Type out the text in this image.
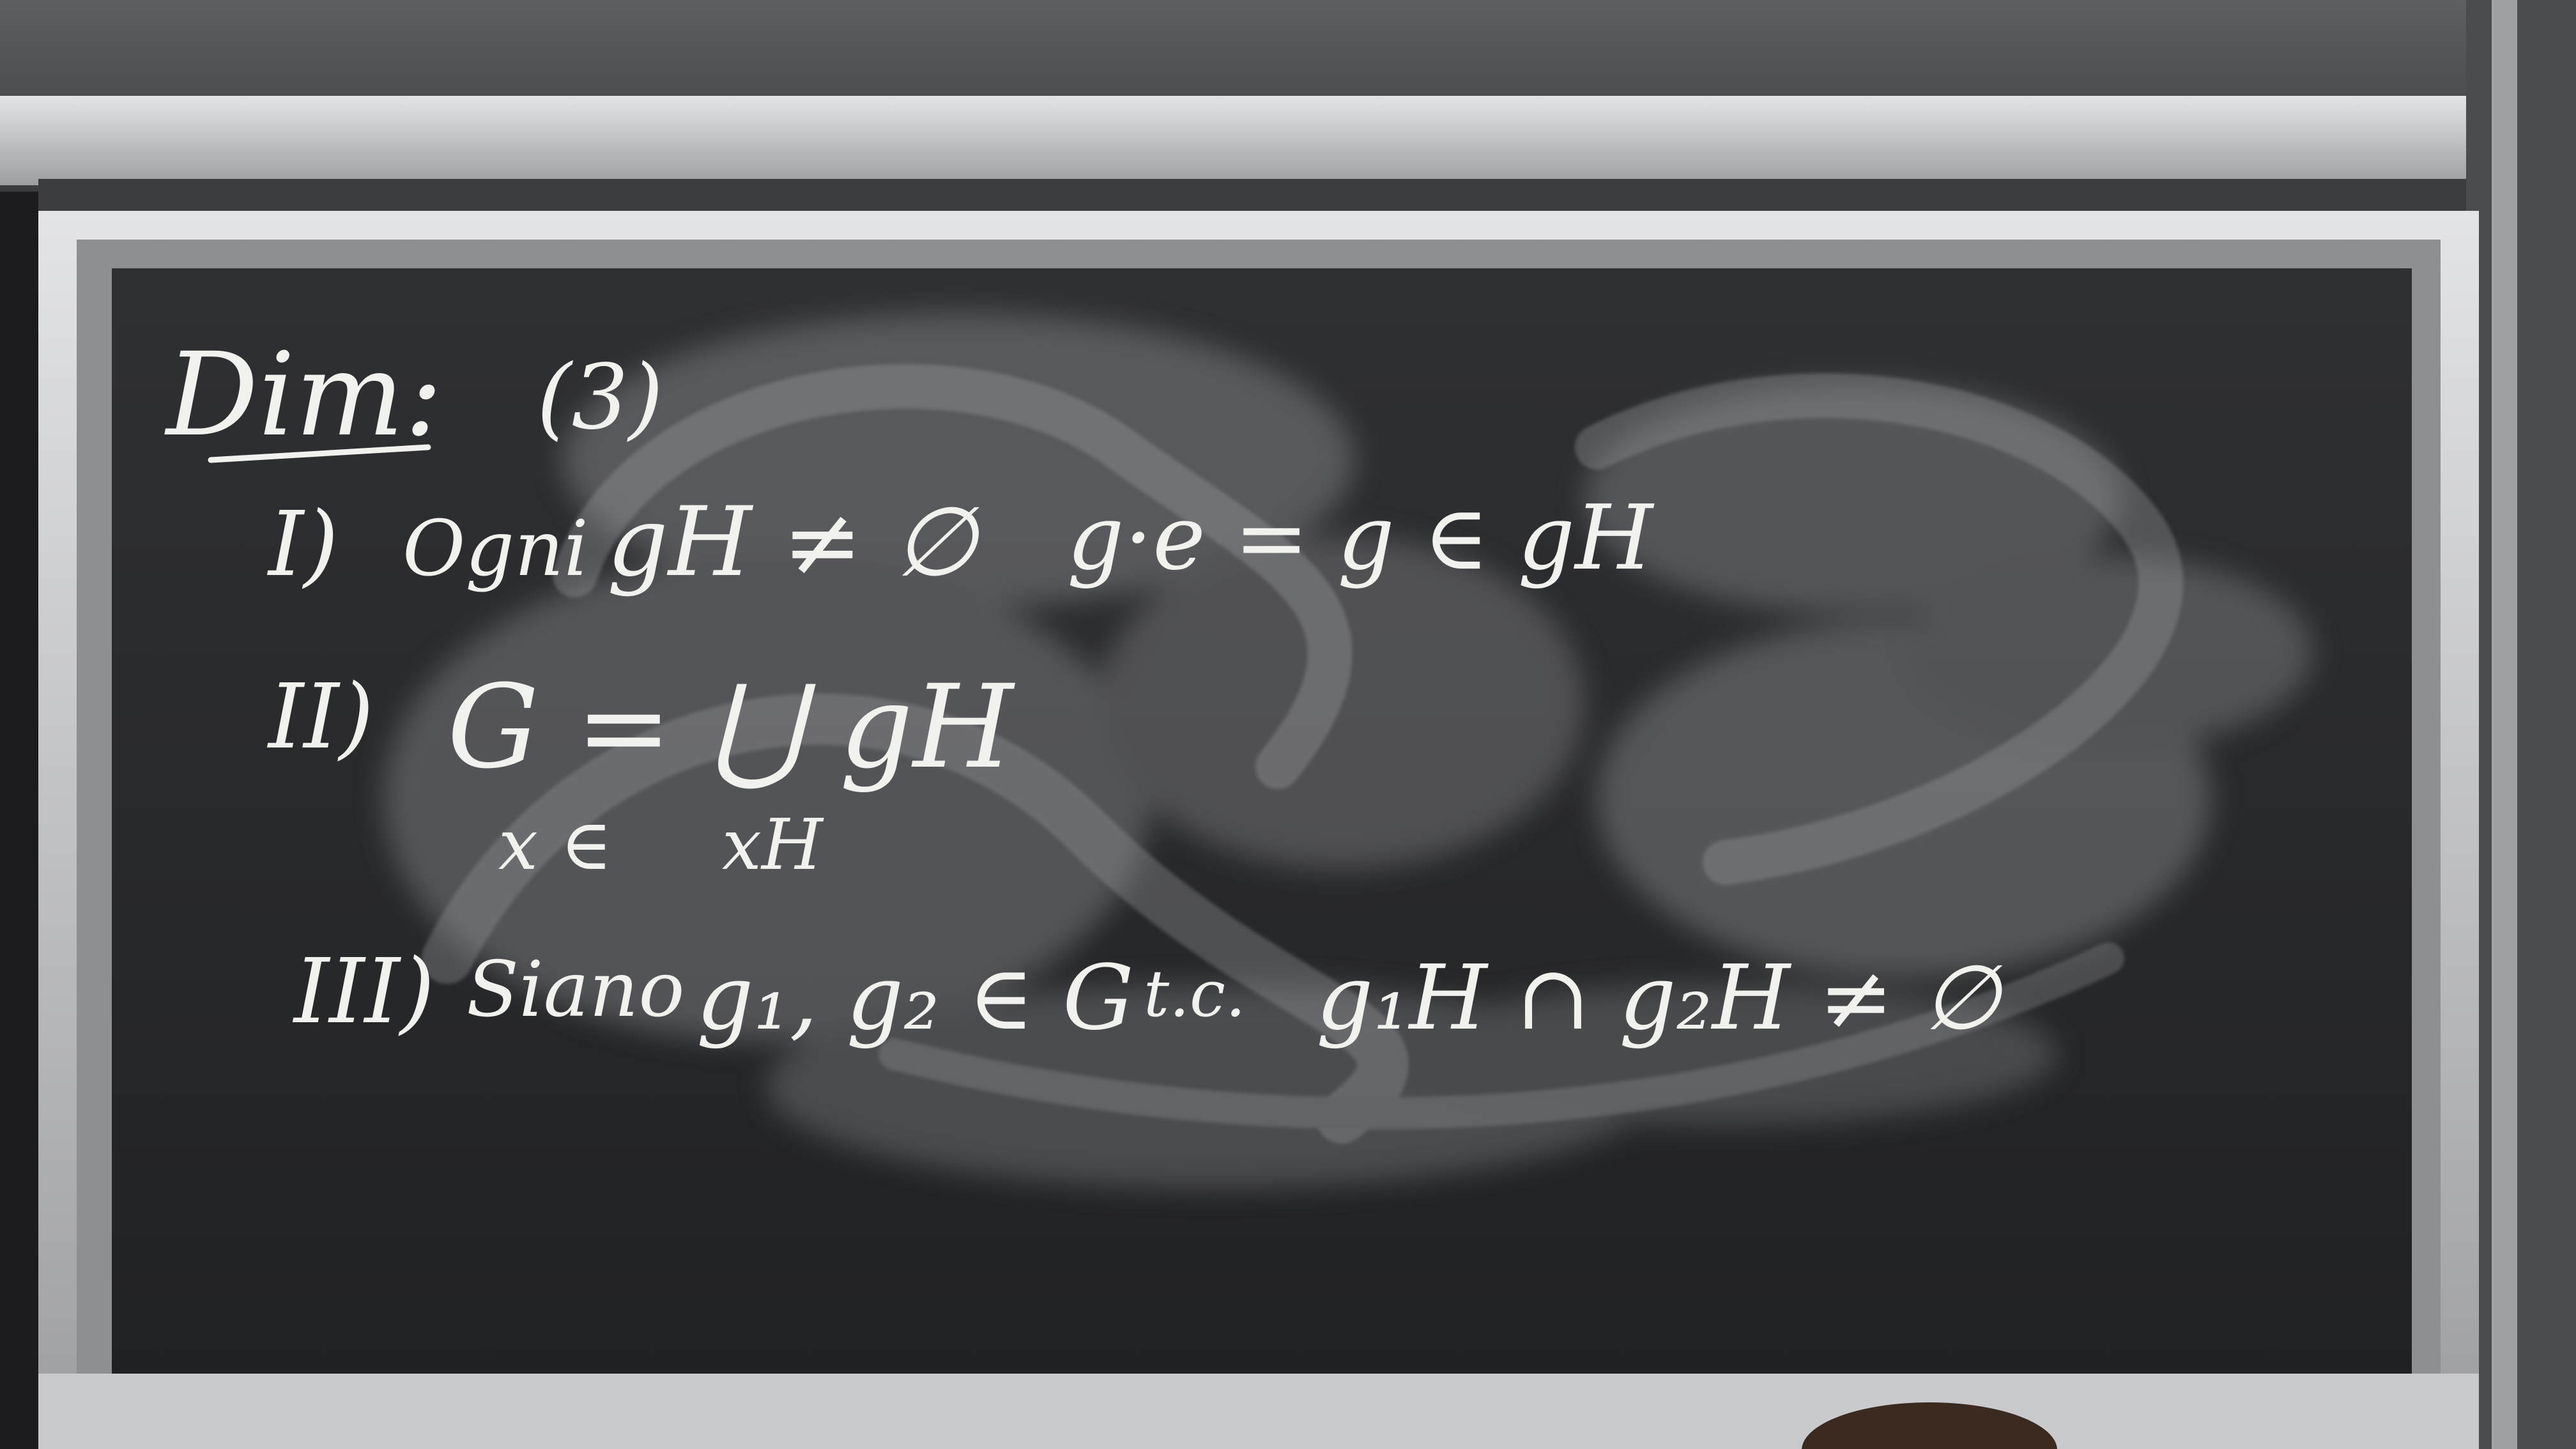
Dim: (3)
I) Ogni gH ≠ ∅ g·e = g ∈ gH
II) G = ⋃ gH
x ∈ xH
III) Siano g₁, g₂ ∈ G t.c. g₁H ∩ g₂H ≠ ∅
